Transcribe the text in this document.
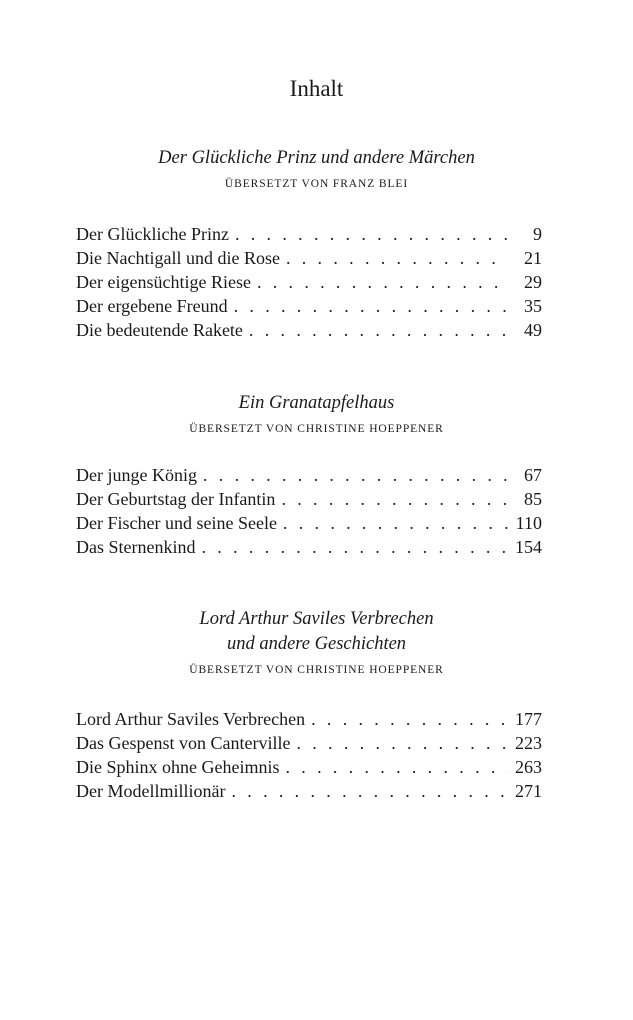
Inhalt
Der Glückliche Prinz und andere Märchen
ÜBERSETZT VON FRANZ BLEI
Der Glückliche Prinz . . .	9
Die Nachtigall und die Rose . . .	21
Der eigensüchtige Riese . . .	29
Der ergebene Freund . . .	35
Die bedeutende Rakete . . .	49
Ein Granatapfelhaus
ÜBERSETZT VON CHRISTINE HOEPPENER
Der junge König . . .	67
Der Geburtstag der Infantin . . .	85
Der Fischer und seine Seele . . .	110
Das Sternenkind . . .	154
Lord Arthur Saviles Verbrechen
und andere Geschichten
ÜBERSETZT VON CHRISTINE HOEPPENER
Lord Arthur Saviles Verbrechen . . .	177
Das Gespenst von Canterville . . .	223
Die Sphinx ohne Geheimnis . . .	263
Der Modellmillionär . . .	271
